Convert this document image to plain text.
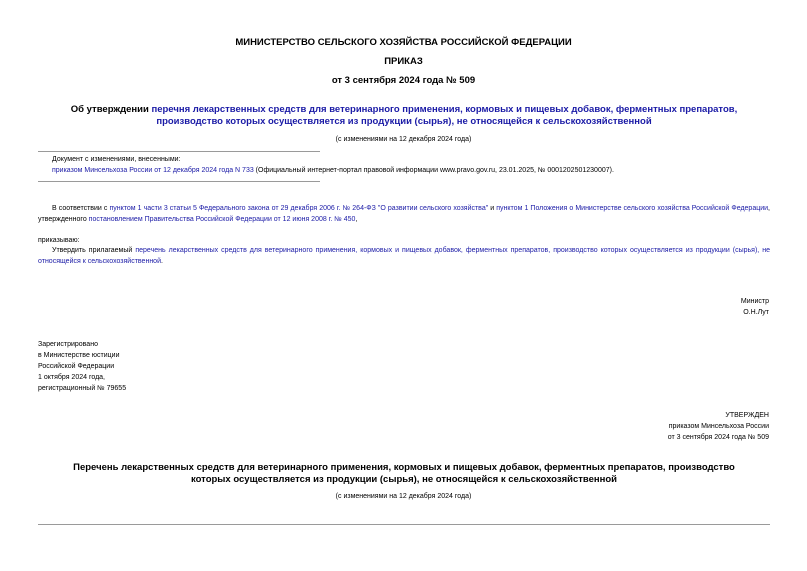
МИНИСТЕРСТВО СЕЛЬСКОГО ХОЗЯЙСТВА РОССИЙСКОЙ ФЕДЕРАЦИИ
ПРИКАЗ
от 3 сентября 2024 года № 509
Об утверждении перечня лекарственных средств для ветеринарного применения, кормовых и пищевых добавок, ферментных препаратов, производство которых осуществляется из продукции (сырья), не относящейся к сельскохозяйственной
(с изменениями на 12 декабря 2024 года)
Документ с изменениями, внесенными:
приказом Минсельхоза России от 12 декабря 2024 года N 733 (Официальный интернет-портал правовой информации www.pravo.gov.ru, 23.01.2025, № 0001202501230007).
В соответствии с пунктом 1 части 3 статьи 5 Федерального закона от 29 декабря 2006 г. № 264-ФЗ "О развитии сельского хозяйства" и пунктом 1 Положения о Министерстве сельского хозяйства Российской Федерации, утвержденного постановлением Правительства Российской Федерации от 12 июня 2008 г. № 450,
приказываю:
Утвердить прилагаемый перечень лекарственных средств для ветеринарного применения, кормовых и пищевых добавок, ферментных препаратов, производство которых осуществляется из продукции (сырья), не относящейся к сельскохозяйственной.
Министр
О.Н.Лут
Зарегистрировано
в Министерстве юстиции
Российской Федерации
1 октября 2024 года,
регистрационный № 79655
УТВЕРЖДЕН
приказом Минсельхоза России
от 3 сентября 2024 года № 509
Перечень лекарственных средств для ветеринарного применения, кормовых и пищевых добавок, ферментных препаратов, производство которых осуществляется из продукции (сырья), не относящейся к сельскохозяйственной
(с изменениями на 12 декабря 2024 года)
